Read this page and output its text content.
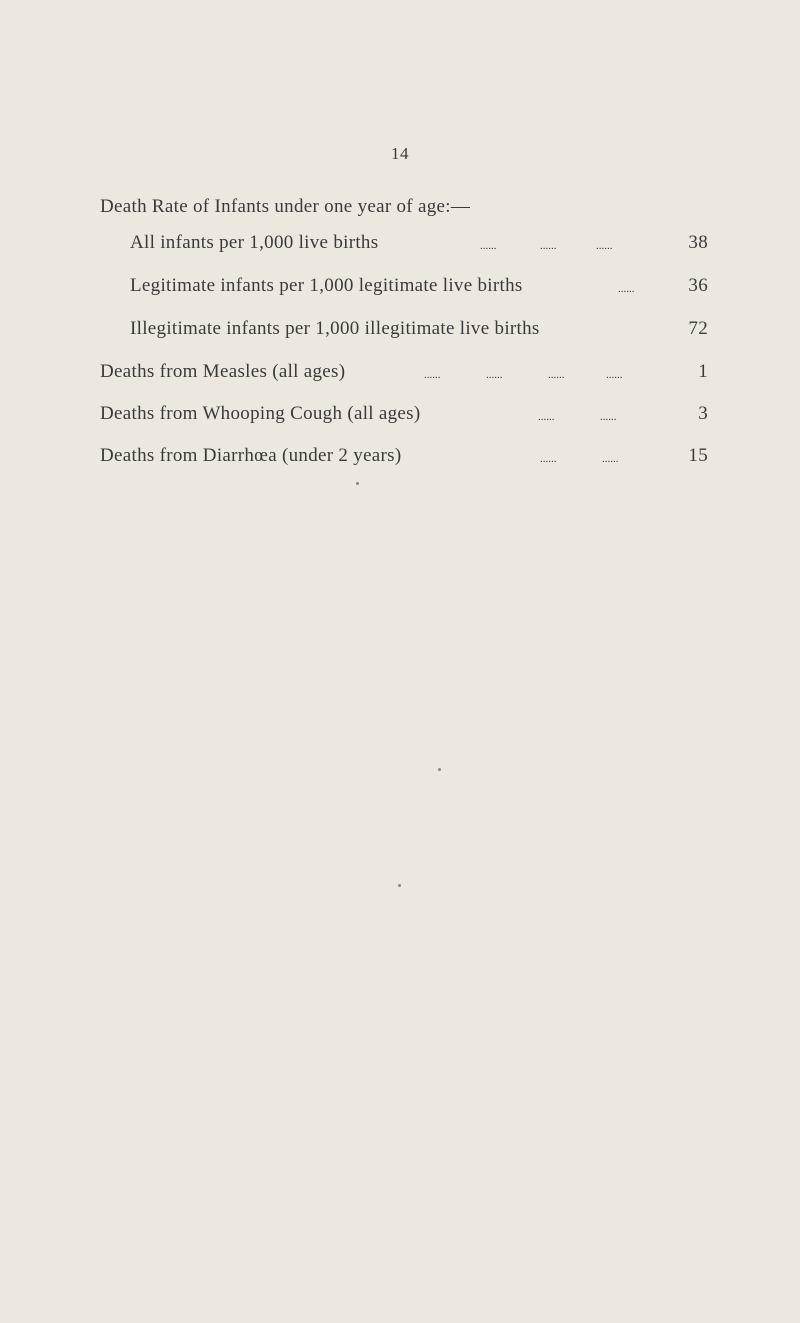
14
Death Rate of Infants under one year of age:—
All infants per 1,000 live births	......	......	......	38
Legitimate infants per 1,000 legitimate live births	......	36
Illegitimate infants per 1,000 illegitimate live births	72
Deaths from Measles (all ages)	......	......	......	......	1
Deaths from Whooping Cough (all ages)	......	......	3
Deaths from Diarrhœa (under 2 years)	......	......	15
